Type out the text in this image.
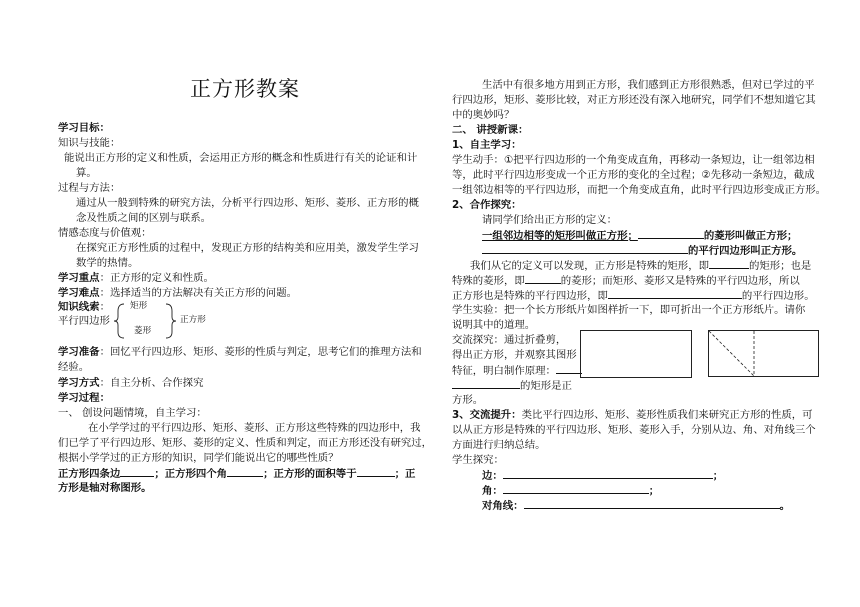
正方形教案
学习目标：
知识与技能：
能说出正方形的定义和性质，会运用正方形的概念和性质进行有关的论证和计
算。
过程与方法：
通过从一般到特殊的研究方法，分析平行四边形、矩形、菱形、正方形的概
念及性质之间的区别与联系。
情感态度与价值观：
在探究正方形性质的过程中，发现正方形的结构美和应用美，激发学生学习
数学的热情。
学习重点：正方形的定义和性质。
学习难点：选择适当的方法解决有关正方形的问题。
知识线索：
平行四边形
矩形
菱形
正方形
学习准备：回忆平行四边形、矩形、菱形的性质与判定，思考它们的推理方法和
经验。
学习方式：自主分析、合作探究
学习过程：
一、 创设问题情境，自主学习：
在小学学过的平行四边形、矩形、菱形、正方形这些特殊的四边形中，我
们已学了平行四边形、矩形、菱形的定义、性质和判定，而正方形还没有研究过，
根据小学学过的正方形的知识，同学们能说出它的哪些性质？
正方形四条边	；正方形四个角	；正方形的面积等于	；正
方形是轴对称图形。
生活中有很多地方用到正方形，我们感到正方形很熟悉，但对已学过的平
行四边形，矩形、菱形比较，对正方形还没有深入地研究，同学们不想知道它其
中的奥妙吗？
二、 讲授新课：
1、自主学习：
学生动手：①把平行四边形的一个角变成直角，再移动一条短边，让一组邻边相
等，此时平行四边形变成一个正方形的变化的全过程；②先移动一条短边，截成
一组邻边相等的平行四边形，而把一个角变成直角，此时平行四边形变成正方形。
2、合作探究：
请同学们给出正方形的定义：
一组邻边相等的矩形叫做正方形；	的菱形叫做正方形；
的平行四边形叫正方形。
我们从它的定义可以发现，正方形是特殊的矩形，即	的矩形；也是
特殊的菱形，即	的菱形；而矩形、菱形又是特殊的平行四边形，所以
正方形也是特殊的平行四边形，即	的平行四边形。
学生实验：把一个长方形纸片如图样折一下，即可折出一个正方形纸片。请你
说明其中的道理。
交流探究：通过折叠剪，
得出正方形，并观察其图形
特征，明白制作原理：
的矩形是正
方形。
3、交流提升：类比平行四边形、矩形、菱形性质我们来研究正方形的性质，可
以从正方形是特殊的平行四边形、矩形、菱形入手，分别从边、角、对角线三个
方面进行归纳总结。
学生探究：
边：	；
角：	；
对角线：	。
